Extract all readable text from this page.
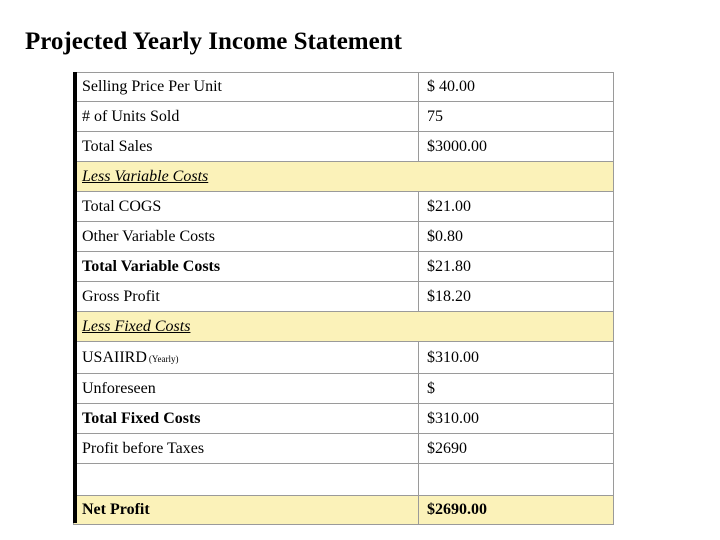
Projected Yearly Income Statement
Selling Price Per Unit	$ 40.00
# of Units Sold	75
Total Sales	$3000.00
Less Variable Costs	
Total COGS	$21.00
Other Variable Costs	$0.80
Total Variable Costs	$21.80
Gross Profit	$18.20
Less Fixed Costs	
USAIIRD (Yearly)	$310.00
Unforeseen	$
Total Fixed Costs	$310.00
Profit before Taxes	$2690

Net Profit	$2690.00
